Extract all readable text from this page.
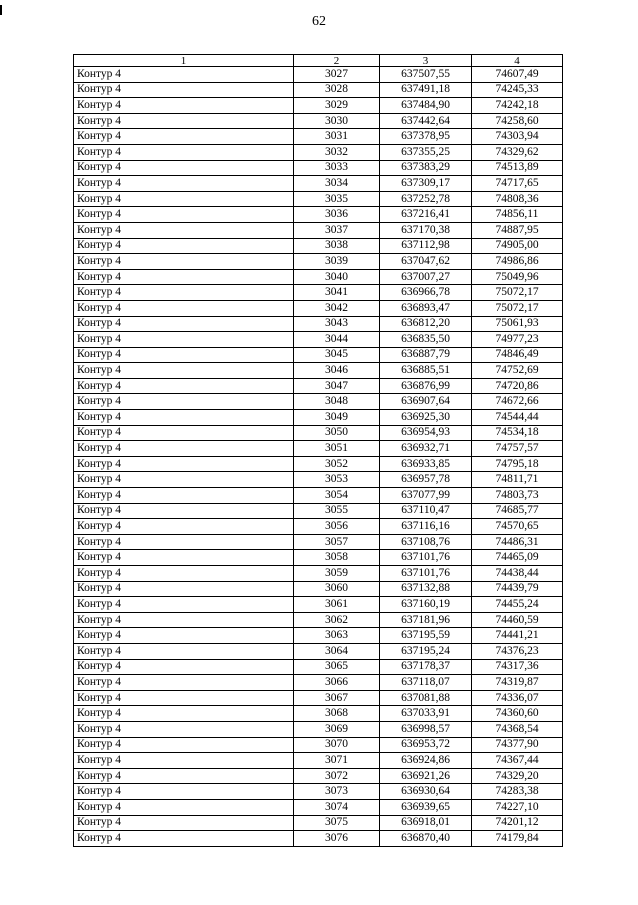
62
1	2	3	4
Контур 4	3027	637507,55	74607,49
Контур 4	3028	637491,18	74245,33
Контур 4	3029	637484,90	74242,18
Контур 4	3030	637442,64	74258,60
Контур 4	3031	637378,95	74303,94
Контур 4	3032	637355,25	74329,62
Контур 4	3033	637383,29	74513,89
Контур 4	3034	637309,17	74717,65
Контур 4	3035	637252,78	74808,36
Контур 4	3036	637216,41	74856,11
Контур 4	3037	637170,38	74887,95
Контур 4	3038	637112,98	74905,00
Контур 4	3039	637047,62	74986,86
Контур 4	3040	637007,27	75049,96
Контур 4	3041	636966,78	75072,17
Контур 4	3042	636893,47	75072,17
Контур 4	3043	636812,20	75061,93
Контур 4	3044	636835,50	74977,23
Контур 4	3045	636887,79	74846,49
Контур 4	3046	636885,51	74752,69
Контур 4	3047	636876,99	74720,86
Контур 4	3048	636907,64	74672,66
Контур 4	3049	636925,30	74544,44
Контур 4	3050	636954,93	74534,18
Контур 4	3051	636932,71	74757,57
Контур 4	3052	636933,85	74795,18
Контур 4	3053	636957,78	74811,71
Контур 4	3054	637077,99	74803,73
Контур 4	3055	637110,47	74685,77
Контур 4	3056	637116,16	74570,65
Контур 4	3057	637108,76	74486,31
Контур 4	3058	637101,76	74465,09
Контур 4	3059	637101,76	74438,44
Контур 4	3060	637132,88	74439,79
Контур 4	3061	637160,19	74455,24
Контур 4	3062	637181,96	74460,59
Контур 4	3063	637195,59	74441,21
Контур 4	3064	637195,24	74376,23
Контур 4	3065	637178,37	74317,36
Контур 4	3066	637118,07	74319,87
Контур 4	3067	637081,88	74336,07
Контур 4	3068	637033,91	74360,60
Контур 4	3069	636998,57	74368,54
Контур 4	3070	636953,72	74377,90
Контур 4	3071	636924,86	74367,44
Контур 4	3072	636921,26	74329,20
Контур 4	3073	636930,64	74283,38
Контур 4	3074	636939,65	74227,10
Контур 4	3075	636918,01	74201,12
Контур 4	3076	636870,40	74179,84
